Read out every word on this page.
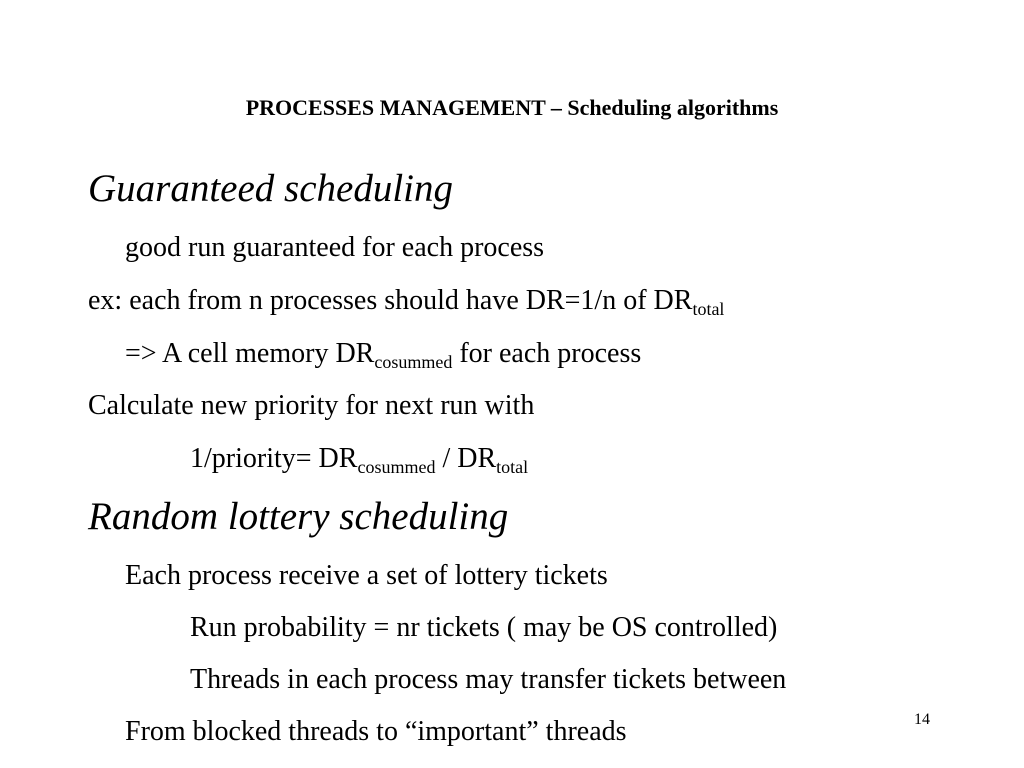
PROCESSES MANAGEMENT – Scheduling algorithms
Guaranteed scheduling
good run guaranteed for each process
ex: each from n processes should have DR=1/n of $DR_{total}$
=> A cell memory $DR_{cosummed}$ for each process
Calculate new priority for next run with
1/priority= $DR_{cosummed} / DR_{total}$
Random lottery scheduling
Each process receive a set of lottery tickets
Run probability = nr tickets ( may be OS controlled)
Threads in each process may transfer tickets between
From blocked threads to “important” threads	14
